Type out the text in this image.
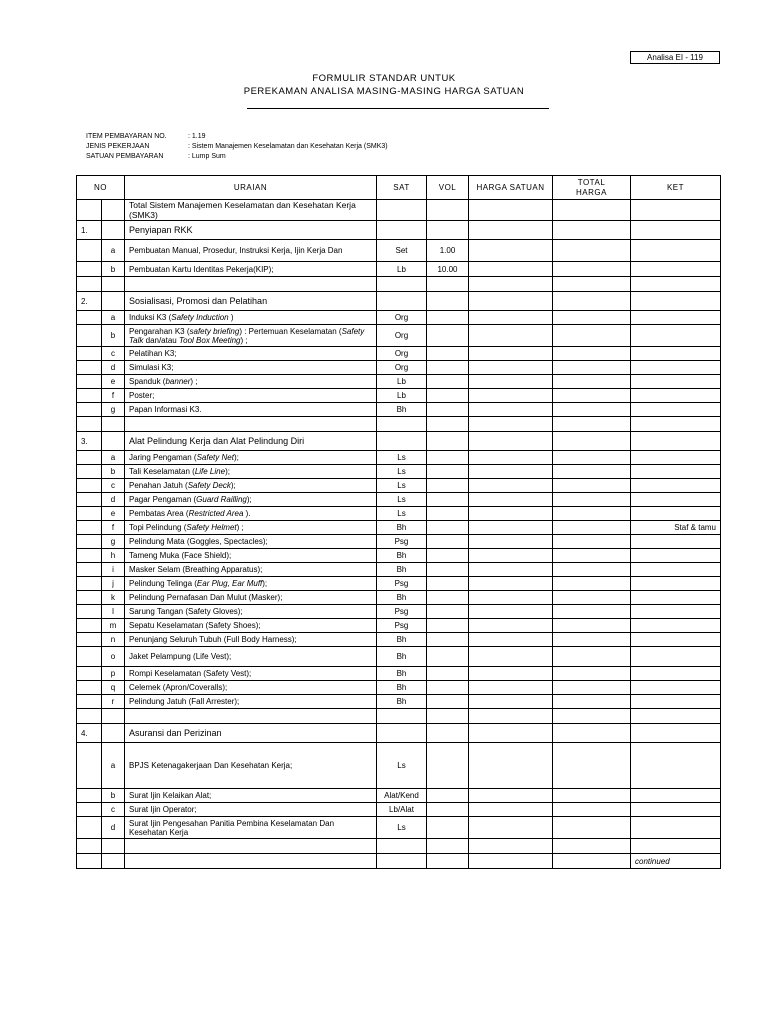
Analisa EI - 119
FORMULIR STANDAR UNTUK
PEREKAMAN ANALISA MASING-MASING HARGA SATUAN
ITEM PEMBAYARAN NO.	: 1.19
JENIS PEKERJAAN	: Sistem Manajemen Keselamatan dan Kesehatan Kerja (SMK3)
SATUAN PEMBAYARAN	: Lump Sum
NO		URAIAN	SAT	VOL	HARGA SATUAN	TOTAL
HARGA	KET
		Total Sistem Manajemen Keselamatan dan Kesehatan Kerja (SMK3)					
1.		Penyiapan RKK					
	a	Pembuatan Manual, Prosedur, Instruksi Kerja, Ijin Kerja Dan	Set	1.00			
	b	Pembuatan Kartu Identitas Pekerja(KIP);	Lb	10.00			

2.		Sosialisasi, Promosi dan Pelatihan					
	a	Induksi K3 (Safety Induction )	Org				
	b	Pengarahan K3 (safety briefing) : Pertemuan Keselamatan (Safety Talk dan/atau Tool Box Meeting) ;	Org				
	c	Pelatihan K3;	Org				
	d	Simulasi K3;	Org				
	e	Spanduk (banner) ;	Lb				
	f	Poster;	Lb				
	g	Papan Informasi K3.	Bh				

3.		Alat Pelindung Kerja dan Alat Pelindung Diri					
	a	Jaring Pengaman (Safety Net);	Ls				
	b	Tali Keselamatan (Life Line);	Ls				
	c	Penahan Jatuh (Safety Deck);	Ls				
	d	Pagar Pengaman (Guard Railling);	Ls				
	e	Pembatas Area (Restricted Area ).	Ls				
	f	Topi Pelindung (Safety Helmet) ;	Bh				Staf & tamu
	g	Pelindung Mata (Goggles, Spectacles);	Psg				
	h	Tameng Muka (Face Shield);	Bh				
	i	Masker Selam (Breathing Apparatus);	Bh				
	j	Pelindung Telinga (Ear Plug, Ear Muff);	Psg				
	k	Pelindung Pernafasan Dan Mulut (Masker);	Bh				
	l	Sarung Tangan (Safety Gloves);	Psg				
	m	Sepatu Keselamatan (Safety Shoes);	Psg				
	n	Penunjang Seluruh Tubuh (Full Body Harness);	Bh				
	o	Jaket Pelampung (Life Vest);	Bh				
	p	Rompi Keselamatan (Safety Vest);	Bh				
	q	Celemek (Apron/Coveralls);	Bh				
	r	Pelindung Jatuh (Fall Arrester);	Bh				

4.		Asuransi dan Perizinan					
	a	BPJS Ketenagakerjaan Dan Kesehatan Kerja;	Ls				
	b	Surat Ijin Kelaikan Alat;	Alat/Kend				
	c	Surat Ijin Operator;	Lb/Alat				
	d	Surat Ijin Pengesahan Panitia Pembina Keselamatan Dan Kesehatan Kerja	Ls				

							continued
